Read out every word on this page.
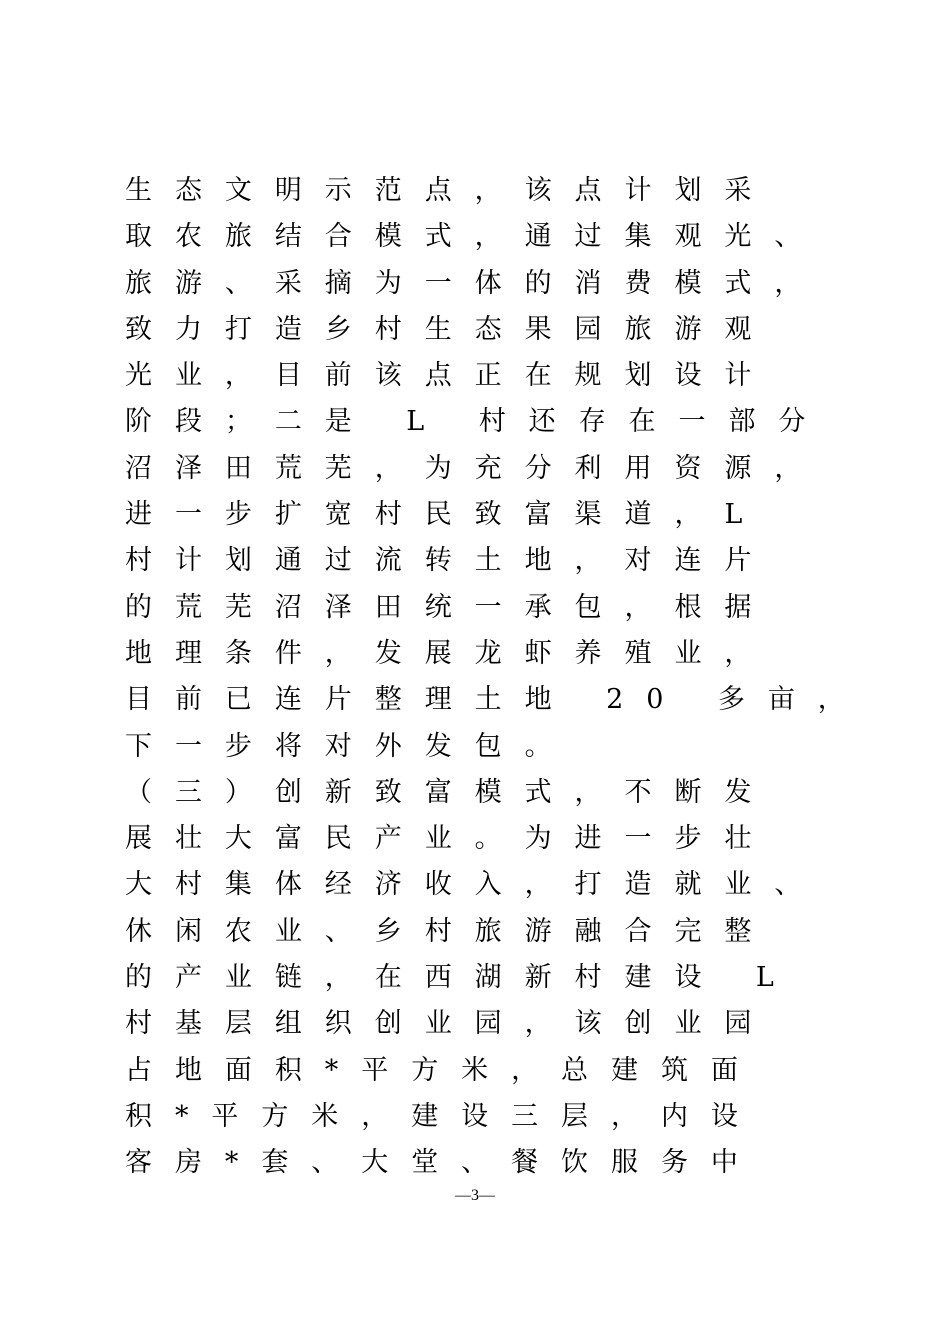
生态文明示范点，该点计划采
取农旅结合模式，通过集观光、
旅游、采摘为一体的消费模式，
致力打造乡村生态果园旅游观
光业，目前该点正在规划设计
阶段；二是 L 村还存在一部分
沼泽田荒芜，为充分利用资源，
进一步扩宽村民致富渠道，L
村计划通过流转土地，对连片
的荒芜沼泽田统一承包，根据
地理条件，发展龙虾养殖业，
目前已连片整理土地 20 多亩，
下一步将对外发包。
（三）创新致富模式，不断发
展壮大富民产业。为进一步壮
大村集体经济收入，打造就业、
休闲农业、乡村旅游融合完整
的产业链，在西湖新村建设 L
村基层组织创业园，该创业园
占地面积*平方米，总建筑面
积*平方米，建设三层，内设
客房*套、大堂、餐饮服务中
—3—
